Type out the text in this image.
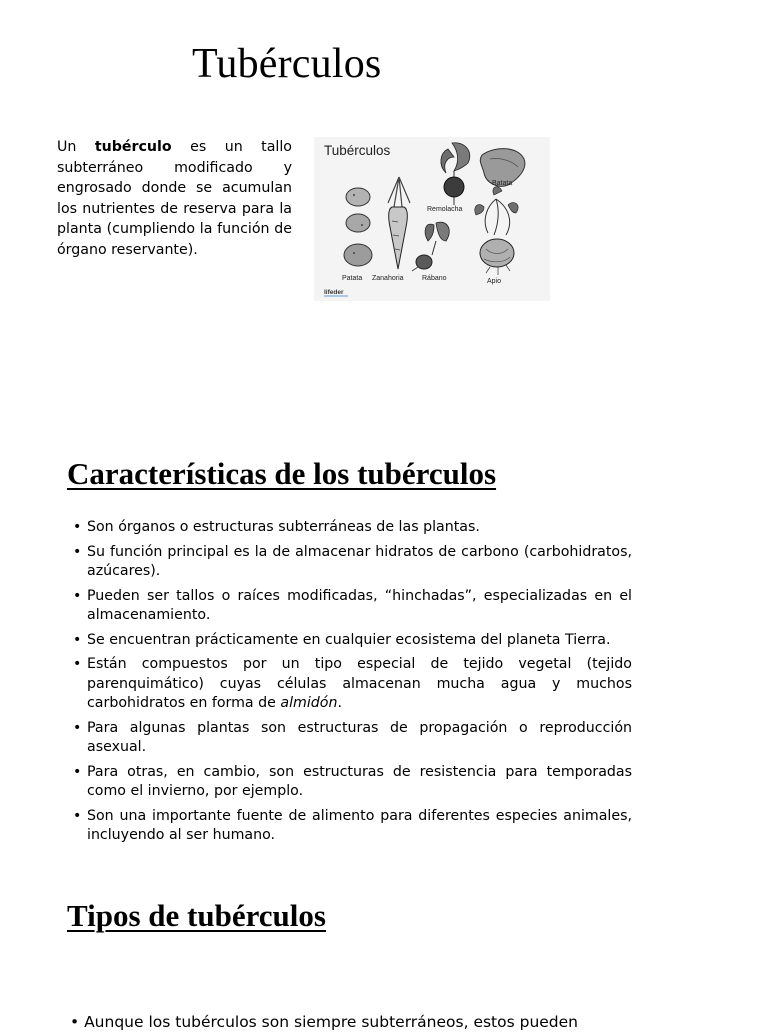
Tubérculos

Un tubérculo es un tallo subterráneo modificado y engrosado donde se acumulan los nutrientes de reserva para la planta (cumpliendo la función de órgano reservante).

Tubérculos
Batata
Remolacha
Patata Zanahoria	Rábano	Apio
lifeder
Características de los tubérculos
• Son órganos o estructuras subterráneas de las plantas.
• Su función principal es la de almacenar hidratos de carbono (carbohidratos, azúcares).
• Pueden ser tallos o raíces modificadas, “hinchadas”, especializadas en el almacenamiento.
• Se encuentran prácticamente en cualquier ecosistema del planeta Tierra.
• Están compuestos por un tipo especial de tejido vegetal (tejido parenquimático) cuyas células almacenan mucha agua y muchos carbohidratos en forma de almidón.
• Para algunas plantas son estructuras de propagación o reproducción asexual.
• Para otras, en cambio, son estructuras de resistencia para temporadas como el invierno, por ejemplo.
• Son una importante fuente de alimento para diferentes especies animales, incluyendo al ser humano.
Tipos de tubérculos
• Aunque los tubérculos son siempre subterráneos, estos pueden
